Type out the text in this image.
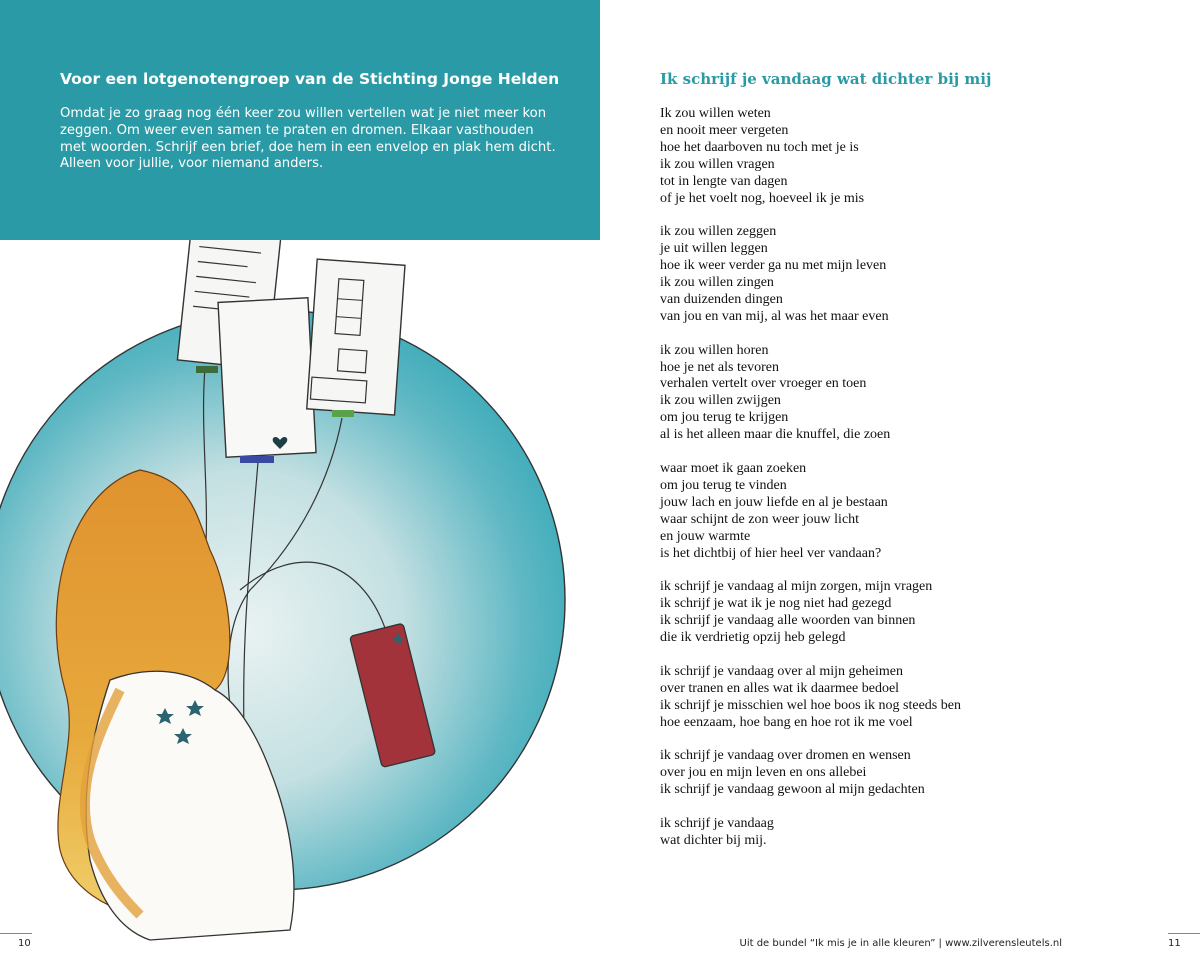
Voor een lotgenotengroep van de Stichting Jonge Helden

Omdat je zo graag nog één keer zou willen vertellen wat je niet meer kon zeggen. Om weer even samen te praten en dromen. Elkaar vasthouden met woorden. Schrijf een brief, doe hem in een envelop en plak hem dicht. Alleen voor jullie, voor niemand anders.

10
Ik schrijf je vandaag wat dichter bij mij
Ik zou willen weten
en nooit meer vergeten
hoe het daarboven nu toch met je is
ik zou willen vragen
tot in lengte van dagen
of je het voelt nog, hoeveel ik je mis
ik zou willen zeggen
je uit willen leggen
hoe ik weer verder ga nu met mijn leven
ik zou willen zingen
van duizenden dingen
van jou en van mij, al was het maar even
ik zou willen horen
hoe je net als tevoren
verhalen vertelt over vroeger en toen
ik zou willen zwijgen
om jou terug te krijgen
al is het alleen maar die knuffel, die zoen
waar moet ik gaan zoeken
om jou terug te vinden
jouw lach en jouw liefde en al je bestaan
waar schijnt de zon weer jouw licht
en jouw warmte
is het dichtbij of hier heel ver vandaan?
ik schrijf je vandaag al mijn zorgen, mijn vragen
ik schrijf je wat ik je nog niet had gezegd
ik schrijf je vandaag alle woorden van binnen
die ik verdrietig opzij heb gelegd
ik schrijf je vandaag over al mijn geheimen
over tranen en alles wat ik daarmee bedoel
ik schrijf je misschien wel hoe boos ik nog steeds ben
hoe eenzaam, hoe bang en hoe rot ik me voel
ik schrijf je vandaag over dromen en wensen
over jou en mijn leven en ons allebei
ik schrijf je vandaag gewoon al mijn gedachten
ik schrijf je vandaag
wat dichter bij mij.
Uit de bundel “Ik mis je in alle kleuren” | www.zilverensleutels.nl	11
